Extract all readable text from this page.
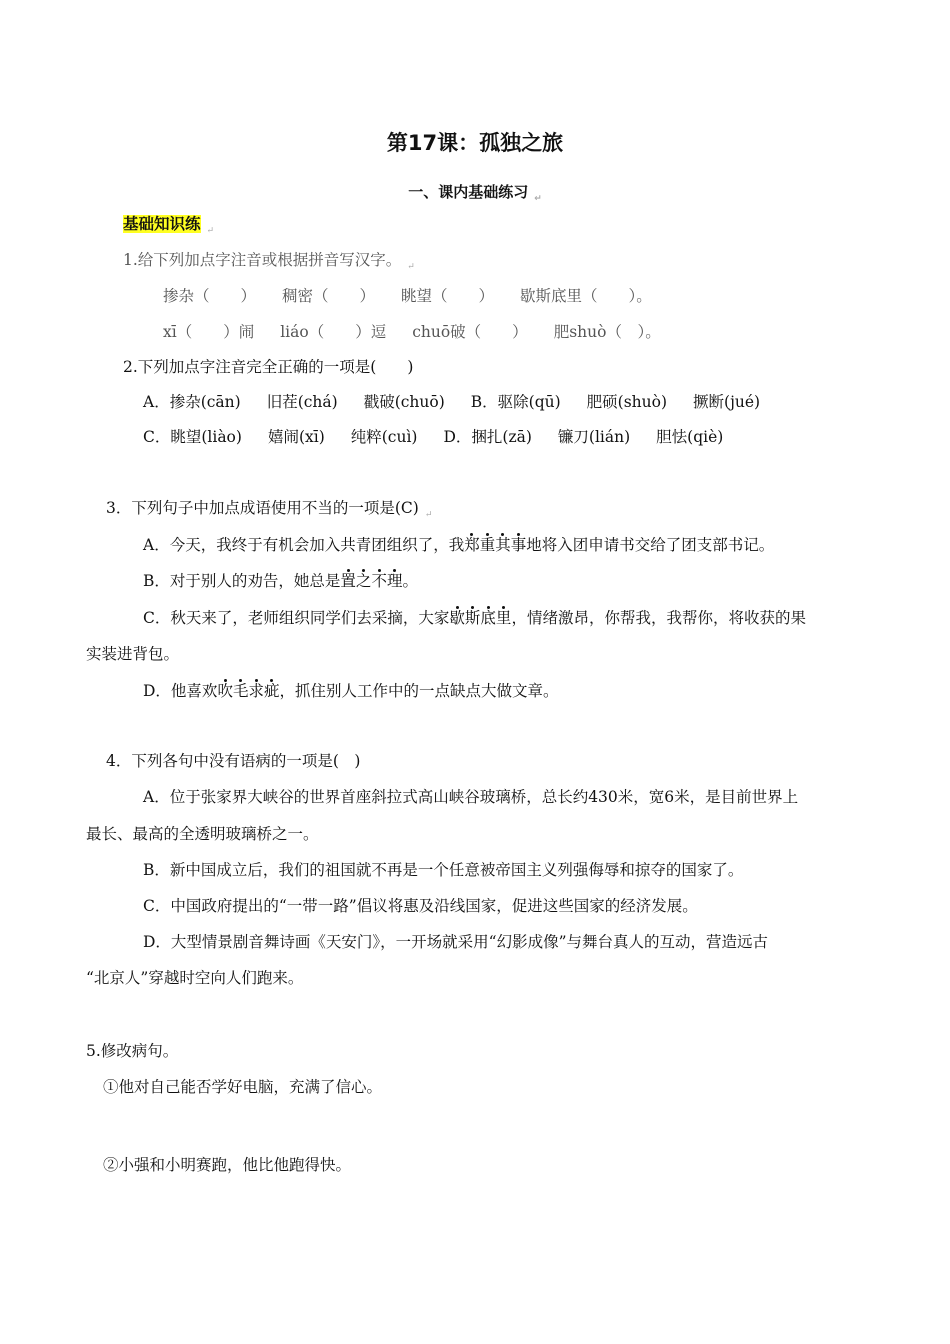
第17课：孤独之旅
一、课内基础练习 $_↵$
基础知识练 $_↵$
1.给下列加点字注音或根据拼音写汉字。 $_↵$
掺杂（　　） 稠密（　　） 眺望（　　） 歇斯底里（　　）。
xī（　　）闹 liáo（　　）逗 chuō破（　　） 肥shuò（　）。
2.下列加点字注音完全正确的一项是(　　)
A．掺杂(cān) 旧茬(chá) 戳破(chuō) B．驱除(qū) 肥硕(shuò) 撅断(jué)
C．眺望(liào) 嬉闹(xī) 纯粹(cuì) D．捆扎(zā) 镰刀(lián) 胆怯(qiè)
3．下列句子中加点成语使用不当的一项是(C) $_↵$
A．今天，我终于有机会加入共青团组织了，我郑重其事地将入团申请书交给了团支部书记。
B．对于别人的劝告，她总是置之不理。
C．秋天来了，老师组织同学们去采摘，大家歇斯底里，情绪激昂，你帮我，我帮你，将收获的果
实装进背包。
D．他喜欢吹毛求疵，抓住别人工作中的一点缺点大做文章。
4．下列各句中没有语病的一项是(　)
A．位于张家界大峡谷的世界首座斜拉式高山峡谷玻璃桥，总长约430米，宽6米，是目前世界上
最长、最高的全透明玻璃桥之一。
B．新中国成立后，我们的祖国就不再是一个任意被帝国主义列强侮辱和掠夺的国家了。
C．中国政府提出的“一带一路”倡议将惠及沿线国家，促进这些国家的经济发展。
D．大型情景剧音舞诗画《天安门》，一开场就采用“幻影成像”与舞台真人的互动，营造远古
“北京人”穿越时空向人们跑来。
5.修改病句。
①他对自己能否学好电脑，充满了信心。
②小强和小明赛跑，他比他跑得快。
